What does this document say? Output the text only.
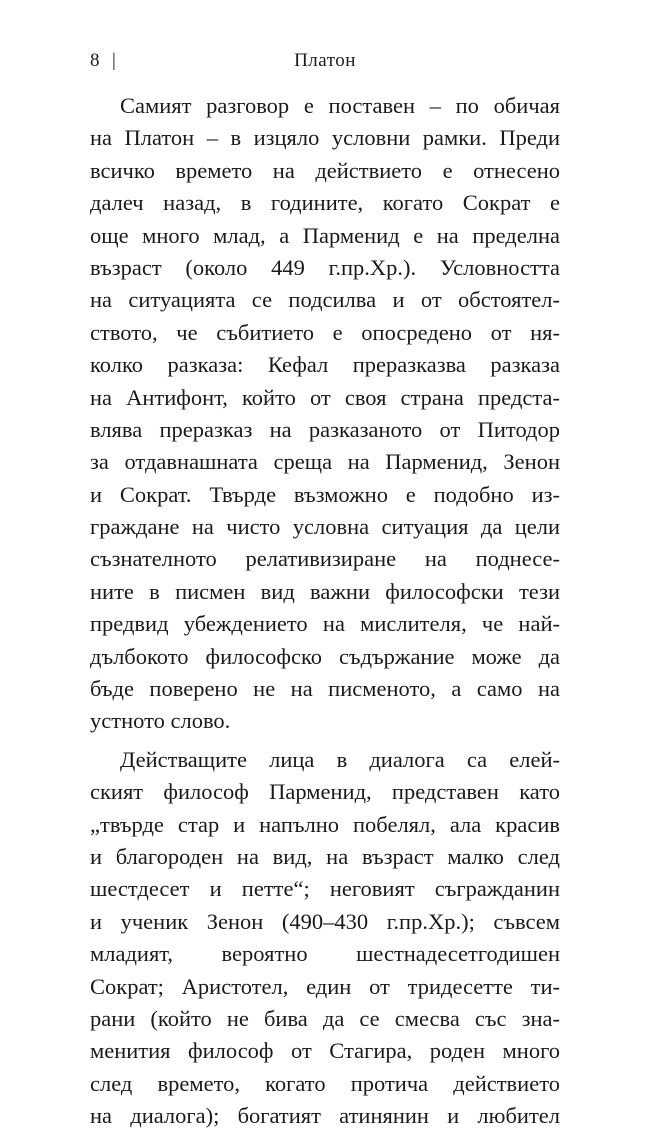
8 |	Платон

Самият разговор е поставен – по обичая
на Платон – в изцяло условни рамки. Преди
всичко времето на действието е отнесено
далеч назад, в годините, когато Сократ е
още много млад, а Парменид е на пределна
възраст (около 449 г.пр.Хр.). Условността
на ситуацията се подсилва и от обстоятел-
ството, че събитието е опосредено от ня-
колко разказа: Кефал преразказва разказа
на Антифонт, който от своя страна предста-
влява преразказ на разказаното от Питодор
за отдавнашната среща на Парменид, Зенон
и Сократ. Твърде възможно е подобно из-
граждане на чисто условна ситуация да цели
съзнателното релативизиране на поднесе-
ните в писмен вид важни философски тези
предвид убеждението на мислителя, че най-
дълбокото философско съдържание може да
бъде поверено не на писменото, а само на
устното слово.

Действащите лица в диалога са елей-
ският философ Парменид, представен като
„твърде стар и напълно побелял, ала красив
и благороден на вид, на възраст малко след
шестдесет и петте“; неговият съгражданин
и ученик Зенон (490–430 г.пр.Хр.); съвсем
младият, вероятно шестнадесетгодишен
Сократ; Аристотел, един от тридесетте ти-
рани (който не бива да се смесва със зна-
менития философ от Стагира, роден много
след времето, когато протича действието
на диалога); богатият атинянин и любител
